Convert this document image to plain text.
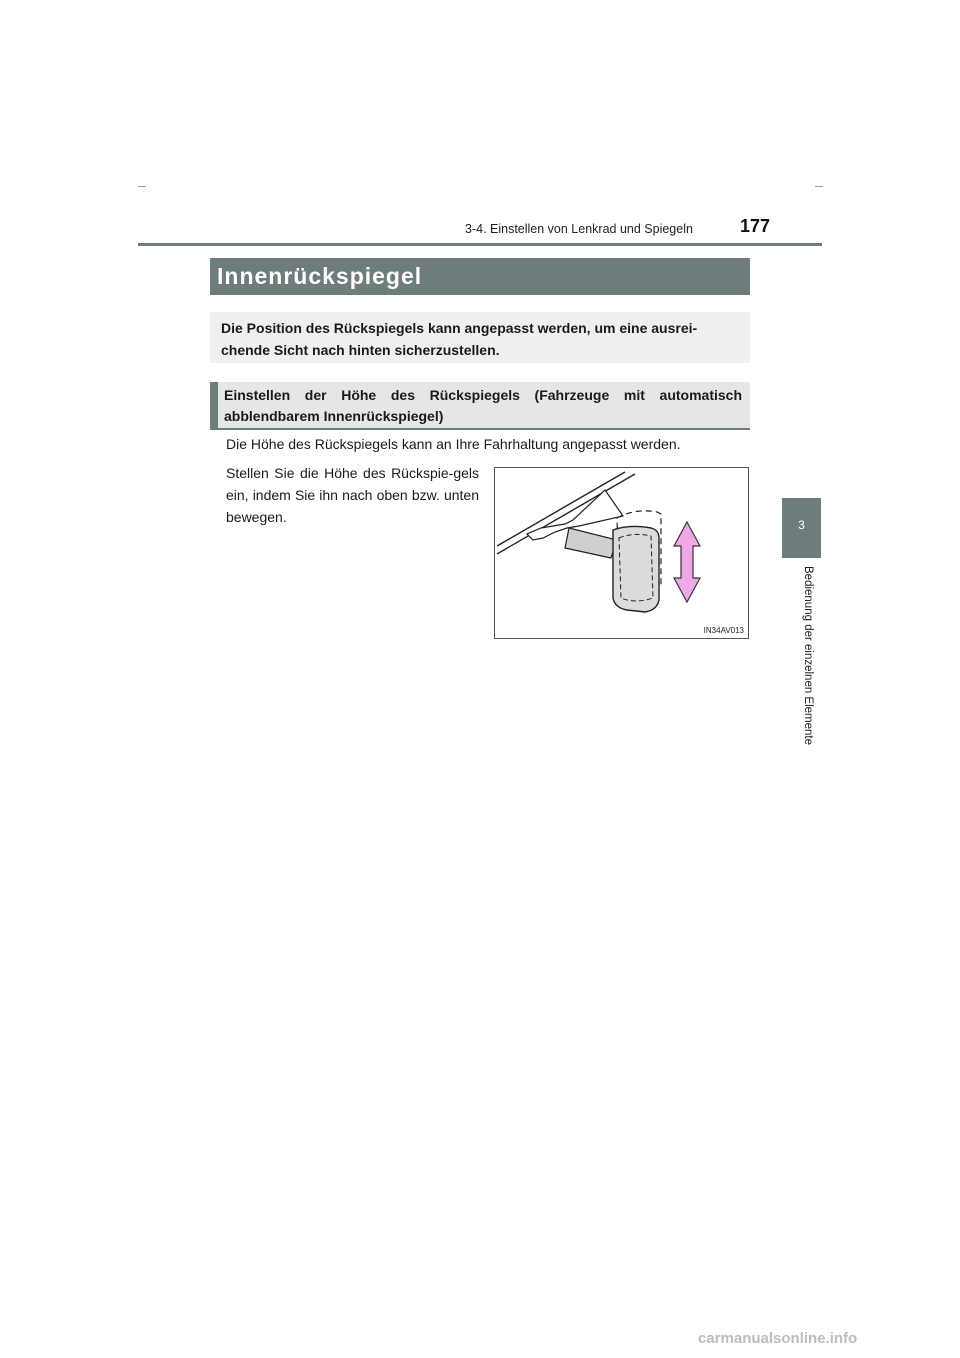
3-4. Einstellen von Lenkrad und Spiegeln	177
3
Bedienung der einzelnen Elemente
Innenrückspiegel
Die Position des Rückspiegels kann angepasst werden, um eine ausrei-chende Sicht nach hinten sicherzustellen.
Einstellen der Höhe des Rückspiegels (Fahrzeuge mit automatisch abblendbarem Innenrückspiegel)
Die Höhe des Rückspiegels kann an Ihre Fahrhaltung angepasst werden.
Stellen Sie die Höhe des Rückspie-gels ein, indem Sie ihn nach oben bzw. unten bewegen.
IN34AV013
carmanualsonline.info
